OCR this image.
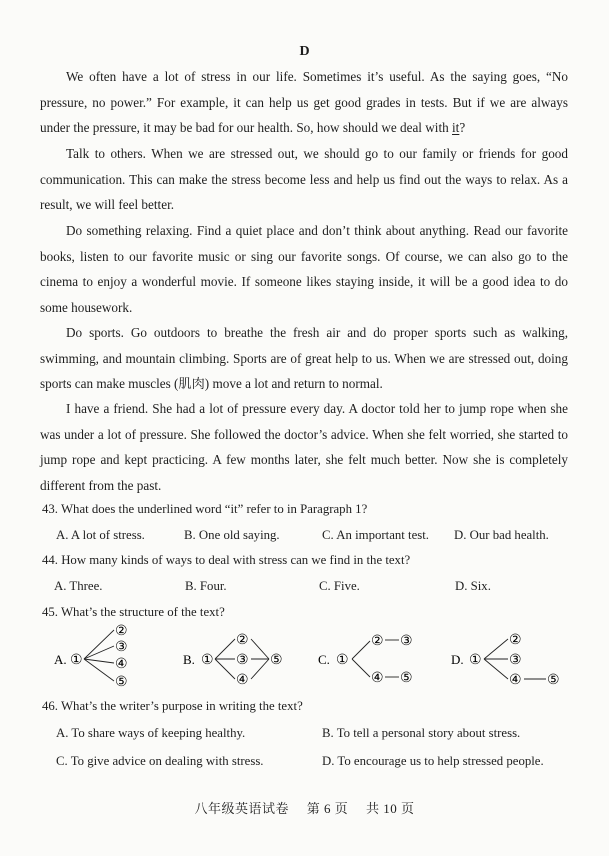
D

We often have a lot of stress in our life. Sometimes it’s useful. As the saying goes, “No pressure, no power.” For example, it can help us get good grades in tests. But if we are always under the pressure, it may be bad for our health. So, how should we deal with it?

Talk to others. When we are stressed out, we should go to our family or friends for good communication. This can make the stress become less and help us find out the ways to relax. As a result, we will feel better.

Do something relaxing. Find a quiet place and don’t think about anything. Read our favorite books, listen to our favorite music or sing our favorite songs. Of course, we can also go to the cinema to enjoy a wonderful movie. If someone likes staying inside, it will be a good idea to do some housework.

Do sports. Go outdoors to breathe the fresh air and do proper sports such as walking, swimming, and mountain climbing. Sports are of great help to us. When we are stressed out, doing sports can make muscles (肌肉) move a lot and return to normal.

I have a friend. She had a lot of pressure every day. A doctor told her to jump rope when she was under a lot of pressure. She followed the doctor’s advice. When she felt worried, she started to jump rope and kept practicing. A few months later, she felt much better. Now she is completely different from the past.

43. What does the underlined word “it” refer to in Paragraph 1?
A. A lot of stress.	B. One old saying.	C. An important test. D. Our bad health.
44. How many kinds of ways to deal with stress can we find in the text?
A. Three.	B. Four.	C. Five.	D. Six.
45. What’s the structure of the text?
A. ①
②
③
④
⑤
B. ①
②
③
④
⑤	C. ①
② ③
④ ⑤
D. ①
②
③
④ ⑤
46. What’s the writer’s purpose in writing the text?
A. To share ways of keeping healthy.	B. To tell a personal story about stress.
C. To give advice on dealing with stress.	D. To encourage us to help stressed people.
八年级英语试卷 第 6 页 共 10 页
